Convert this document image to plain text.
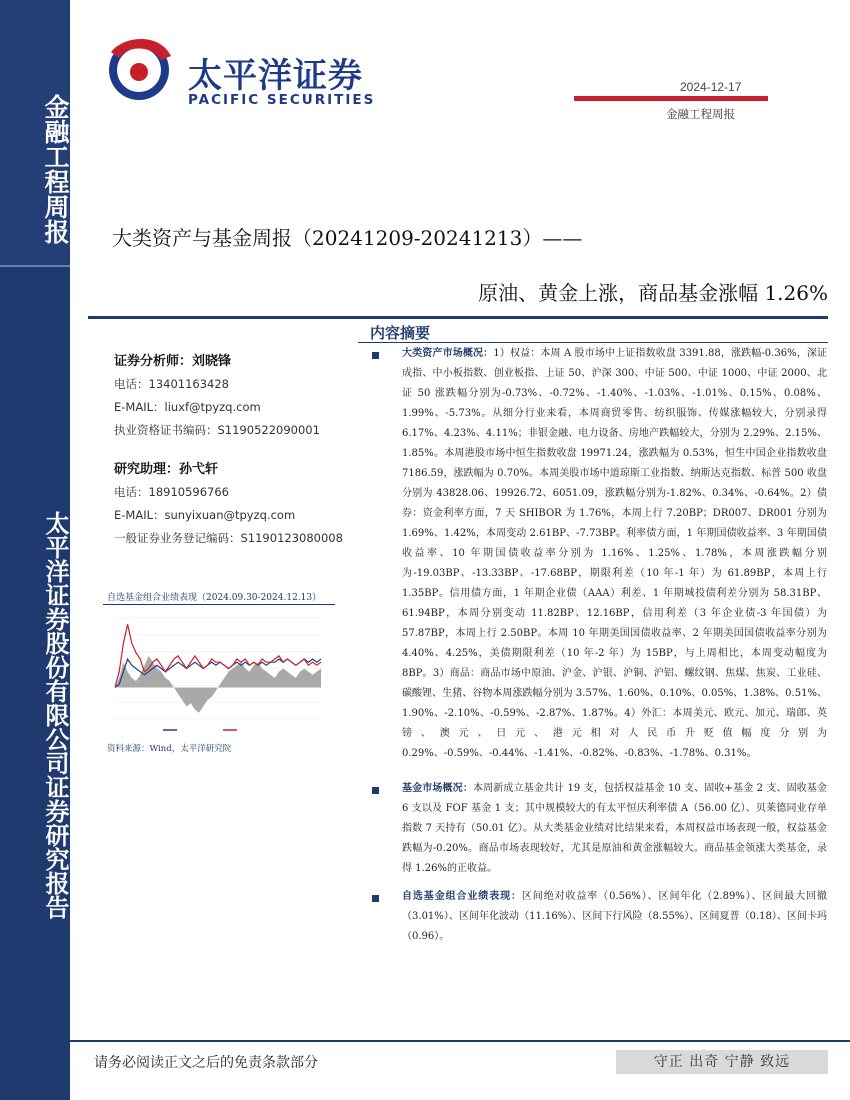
金融工程周报
太平洋证券股份有限公司证券研究报告
太平洋证券
PACIFIC SECURITIES
2024-12-17
金融工程周报
大类资产与基金周报（20241209-20241213）——
原油、黄金上涨，商品基金涨幅 1.26%
证券分析师：刘晓锋
电话：13401163428
E-MAIL：liuxf@tpyzq.com
执业资格证书编码：S1190522090001
研究助理：孙弋轩
电话：18910596766
E-MAIL：sunyixuan@tpyzq.com
一般证券业务登记编码：S1190123080008
自选基金组合业绩表现（2024.09.30-2024.12.13）
资料来源：Wind，太平洋研究院
内容摘要
大类资产市场概况：1）权益：本周 A 股市场中上证指数收盘 3391.88，涨跌幅-0.36%，深证成指、中小板指数、创业板指、上证 50、沪深 300、中证 500、中证 1000、中证 2000、北证 50 涨跌幅分别为-0.73%、-0.72%、-1.40%、-1.03%、-1.01%、0.15%、0.08%、1.99%、-5.73%。从细分行业来看，本周商贸零售、纺织服饰、传媒涨幅较大，分别录得 6.17%、4.23%、4.11%；非银金融、电力设备、房地产跌幅较大，分别为 2.29%、2.15%、1.85%。本周港股市场中恒生指数收盘 19971.24，涨跌幅为 0.53%，恒生中国企业指数收盘 7186.59，涨跌幅为 0.70%。本周美股市场中道琼斯工业指数、纳斯达克指数、标普 500 收盘分别为 43828.06、19926.72、6051.09，涨跌幅分别为-1.82%、0.34%、-0.64%。2）债券：资金利率方面，7 天 SHIBOR 为 1.76%，本周上行 7.20BP；DR007、DR001 分别为 1.69%、1.42%，本周变动 2.61BP、-7.73BP。利率债方面，1 年期国债收益率、3 年期国债收益率、10 年期国债收益率分别为 1.16%、1.25%、1.78%，本周涨跌幅分别为-19.03BP、-13.33BP、-17.68BP，期限利差（10 年-1 年）为 61.89BP，本周上行 1.35BP。信用债方面，1 年期企业债（AAA）利差、1 年期城投债利差分别为 58.31BP、61.94BP，本周分别变动 11.82BP、12.16BP，信用利差（3 年企业债-3 年国债）为 57.87BP，本周上行 2.50BP。本周 10 年期美国国债收益率、2 年期美国国债收益率分别为 4.40%、4.25%，美债期限利差（10 年-2 年）为 15BP，与上周相比，本周变动幅度为 8BP。3）商品：商品市场中原油、沪金、沪银、沪铜、沪铝、螺纹钢、焦煤、焦炭、工业硅、碳酸锂、生猪、谷物本周涨跌幅分别为 3.57%、1.60%、0.10%、0.05%、1.38%、0.51%、1.90%、-2.10%、-0.59%、-2.87%、1.87%。4）外汇：本周美元、欧元、加元、瑞郎、英镑、澳元、日元、港元相对人民币升贬值幅度分别为 0.29%、-0.59%、-0.44%、-1.41%、-0.82%、-0.83%、-1.78%、0.31%。
基金市场概况：本周新成立基金共计 19 支，包括权益基金 10 支、固收+基金 2 支、固收基金 6 支以及 FOF 基金 1 支；其中规模较大的有太平恒庆利率债 A（56.00 亿）、贝莱德同业存单指数 7 天持有（50.01 亿）。从大类基金业绩对比结果来看，本周权益市场表现一般，权益基金跌幅为-0.20%。商品市场表现较好，尤其是原油和黄金涨幅较大。商品基金领涨大类基金，录得 1.26%的正收益。
自选基金组合业绩表现：区间绝对收益率（0.56%）、区间年化（2.89%）、区间最大回撤（3.01%）、区间年化波动（11.16%）、区间下行风险（8.55%）、区间夏普（0.18）、区间卡玛（0.96）。
请务必阅读正文之后的免责条款部分	守正 出奇 宁静 致远
